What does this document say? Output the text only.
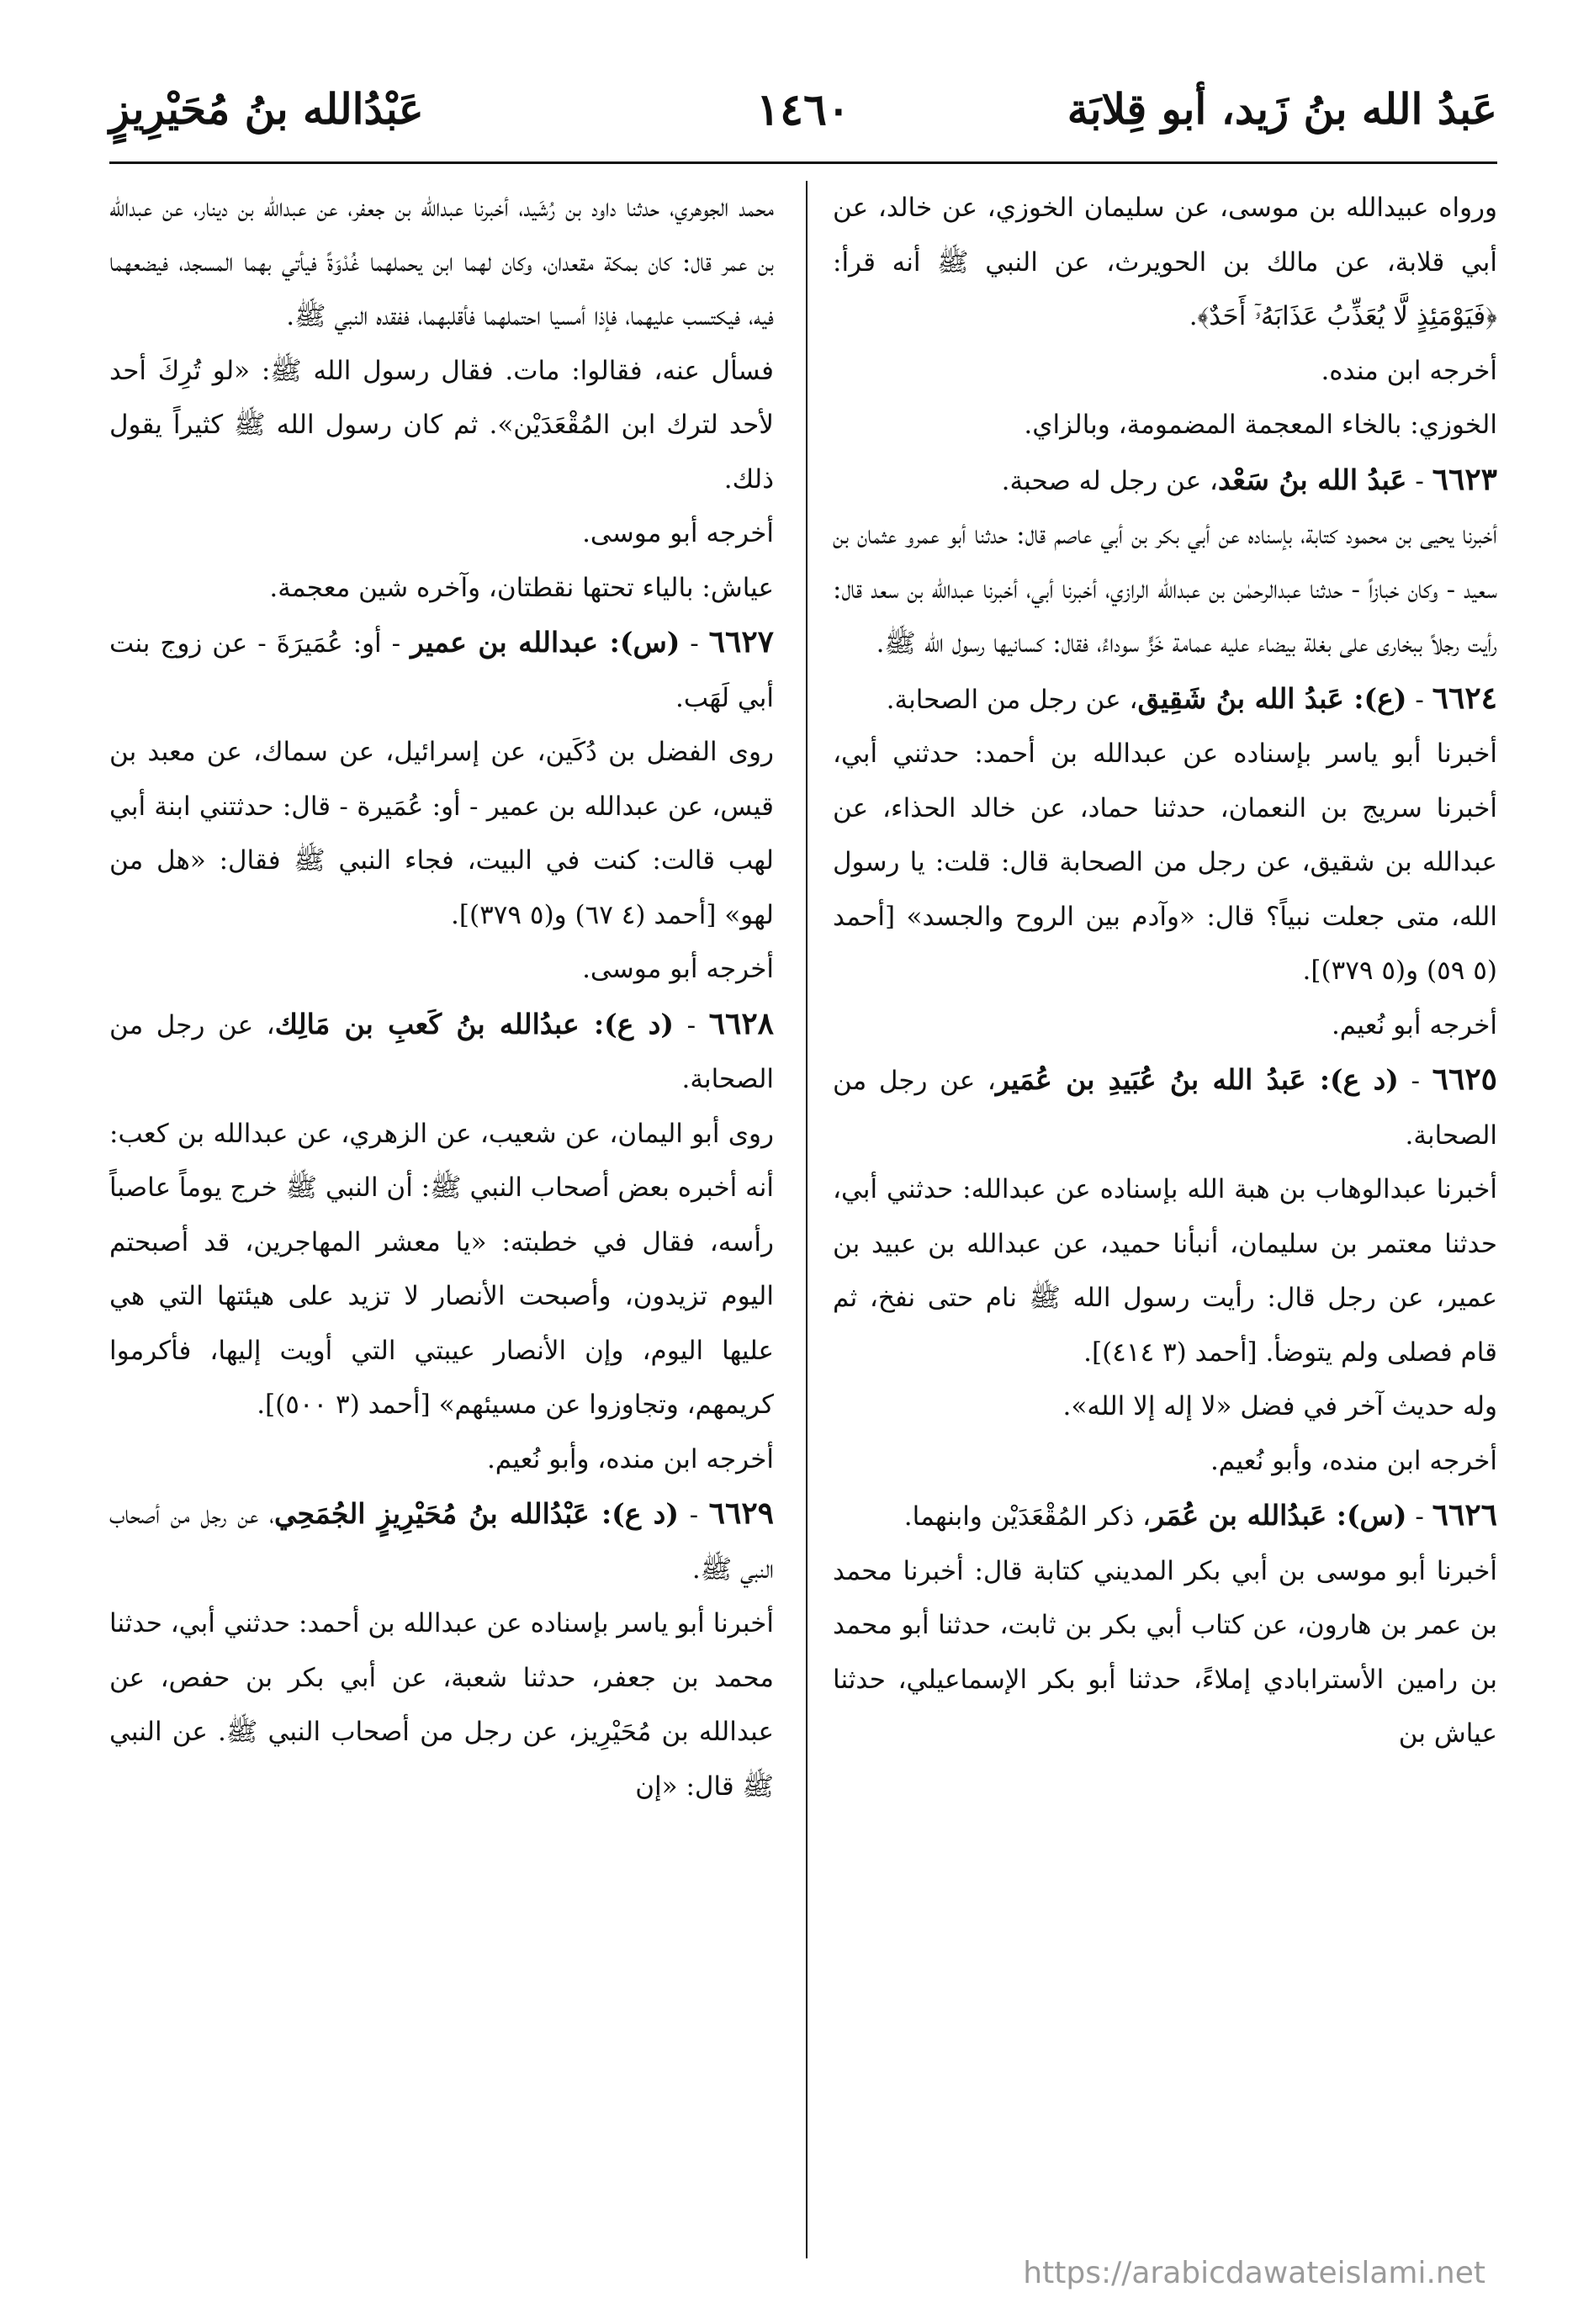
عَبدُ الله بنُ زَيد، أبو قِلابَة
١٤٦٠
عَبْدُالله بنُ مُحَيْرِيزٍ

ورواه عبيدالله بن موسى، عن سليمان الخوزي، عن خالد، عن أبي قلابة، عن مالك بن الحويرث، عن النبي ﷺ أنه قرأ: ﴿فَيَوْمَئِذٍ لَّا يُعَذِّبُ عَذَابَهُۥٓ أَحَدٌ﴾.

أخرجه ابن منده.

الخوزي: بالخاء المعجمة المضمومة، وبالزاي.

٦٦٢٣ - عَبدُ الله بنُ سَعْد، عن رجل له صحبة.

أخبرنا يحيى بن محمود كتابة، بإسناده عن أبي بكر بن أبي عاصم قال: حدثنا أبو عمرو عثمان بن سعيد - وكان خبازاً - حدثنا عبدالرحمٰن بن عبدالله الرازي، أخبرنا أبي، أخبرنا عبدالله بن سعد قال: رأيت رجلاً ببخارى على بغلة بيضاء عليه عمامة خَزٍّ سوداءُ، فقال: كسانيها رسول الله ﷺ.

٦٦٢٤ - (ع): عَبدُ الله بنُ شَقِيق، عن رجل من الصحابة.

أخبرنا أبو ياسر بإسناده عن عبدالله بن أحمد: حدثني أبي، أخبرنا سريج بن النعمان، حدثنا حماد، عن خالد الحذاء، عن عبدالله بن شقيق، عن رجل من الصحابة قال: قلت: يا رسول الله، متى جعلت نبياً؟ قال: «وآدم بين الروح والجسد» [أحمد (٥ ٥٩) و(٥ ٣٧٩)].

أخرجه أبو نُعيم.

٦٦٢٥ - (د ع): عَبدُ الله بنُ عُبَيدِ بن عُمَير، عن رجل من الصحابة.

أخبرنا عبدالوهاب بن هبة الله بإسناده عن عبدالله: حدثني أبي، حدثنا معتمر بن سليمان، أنبأنا حميد، عن عبدالله بن عبيد بن عمير، عن رجل قال: رأيت رسول الله ﷺ نام حتى نفخ، ثم قام فصلى ولم يتوضأ. [أحمد (٣ ٤١٤)].

وله حديث آخر في فضل «لا إله إلا الله».

أخرجه ابن منده، وأبو نُعيم.

٦٦٢٦ - (س): عَبدُالله بن عُمَر، ذكر المُقْعَدَيْن وابنهما.

أخبرنا أبو موسى بن أبي بكر المديني كتابة قال: أخبرنا محمد بن عمر بن هارون، عن كتاب أبي بكر بن ثابت، حدثنا أبو محمد بن رامين الأسترابادي إملاءً، حدثنا أبو بكر الإسماعيلي، حدثنا عياش بن

محمد الجوهري، حدثنا داود بن رُشَيد، أخبرنا عبدالله بن جعفر، عن عبدالله بن دينار، عن عبدالله بن عمر قال: كان بمكة مقعدان، وكان لهما ابن يحملهما غُدْوَةً فيأتي بهما المسجد، فيضعهما فيه، فيكتسب عليهما، فإذا أمسيا احتملهما فأقلبهما، ففقده النبي ﷺ.

فسأل عنه، فقالوا: مات. فقال رسول الله ﷺ: «لو تُرِكَ أحد لأحد لترك ابن المُقْعَدَيْن». ثم كان رسول الله ﷺ كثيراً يقول ذلك.

أخرجه أبو موسى.

عياش: بالياء تحتها نقطتان، وآخره شين معجمة.

٦٦٢٧ - (س): عبدالله بن عمير - أو: عُمَيرَةَ - عن زوج بنت أبي لَهَب.

روى الفضل بن دُكَين، عن إسرائيل، عن سماك، عن معبد بن قيس، عن عبدالله بن عمير - أو: عُمَيرة - قال: حدثتني ابنة أبي لهب قالت: كنت في البيت، فجاء النبي ﷺ فقال: «هل من لهو» [أحمد (٤ ٦٧) و(٥ ٣٧٩)].

أخرجه أبو موسى.

٦٦٢٨ - (د ع): عبدُالله بنُ كَعبِ بن مَالِك، عن رجل من الصحابة.

روى أبو اليمان، عن شعيب، عن الزهري، عن عبدالله بن كعب: أنه أخبره بعض أصحاب النبي ﷺ: أن النبي ﷺ خرج يوماً عاصباً رأسه، فقال في خطبته: «يا معشر المهاجرين، قد أصبحتم اليوم تزيدون، وأصبحت الأنصار لا تزيد على هيئتها التي هي عليها اليوم، وإن الأنصار عيبتي التي أويت إليها، فأكرموا كريمهم، وتجاوزوا عن مسيئهم» [أحمد (٣ ٥٠٠)].

أخرجه ابن منده، وأبو نُعيم.

٦٦٢٩ - (د ع): عَبْدُالله بنُ مُحَيْرِيزٍ الجُمَحِي، عن رجل من أصحاب النبي ﷺ.

أخبرنا أبو ياسر بإسناده عن عبدالله بن أحمد: حدثني أبي، حدثنا محمد بن جعفر، حدثنا شعبة، عن أبي بكر بن حفص، عن عبدالله بن مُحَيْرِيز، عن رجل من أصحاب النبي ﷺ. عن النبي ﷺ قال: «إن

https://arabicdawateislami.net
